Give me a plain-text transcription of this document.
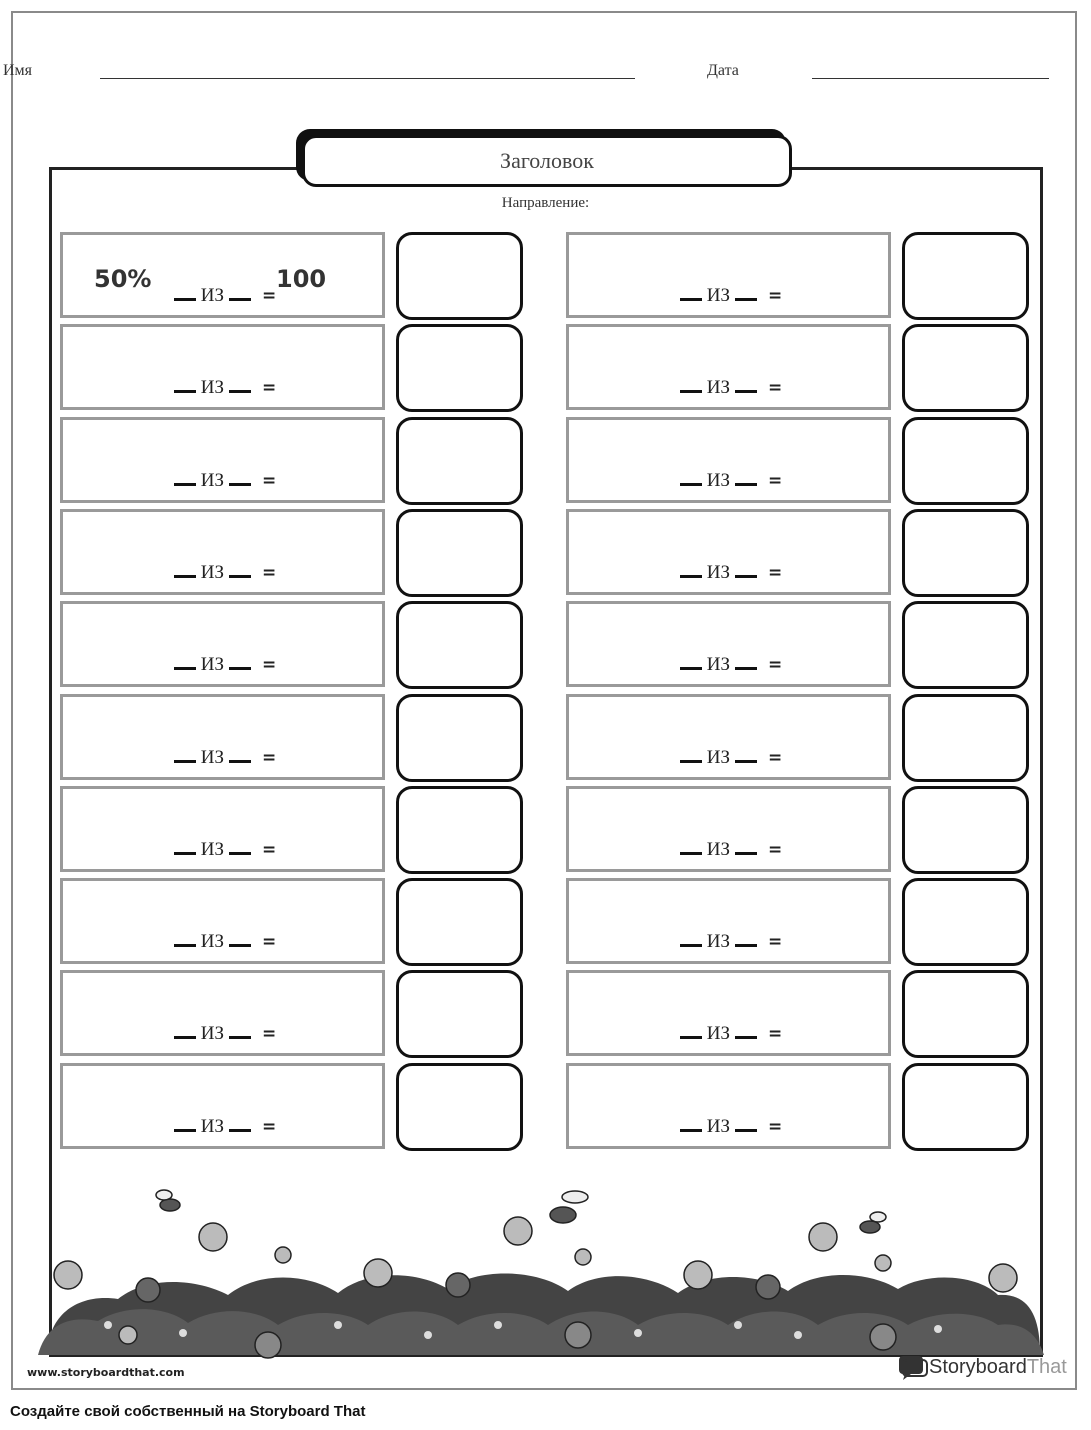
Имя	Дата
Заголовок
Направление:
50%	100
ИЗ =
ИЗ =
ИЗ =
ИЗ =
ИЗ =
ИЗ =
ИЗ =
ИЗ =
ИЗ =
ИЗ =
ИЗ =
ИЗ =
ИЗ =
ИЗ =
ИЗ =
ИЗ =
ИЗ =
ИЗ =
ИЗ =
ИЗ =
www.storyboardthat.com	Storyboard That
Создайте свой собственный на Storyboard That
